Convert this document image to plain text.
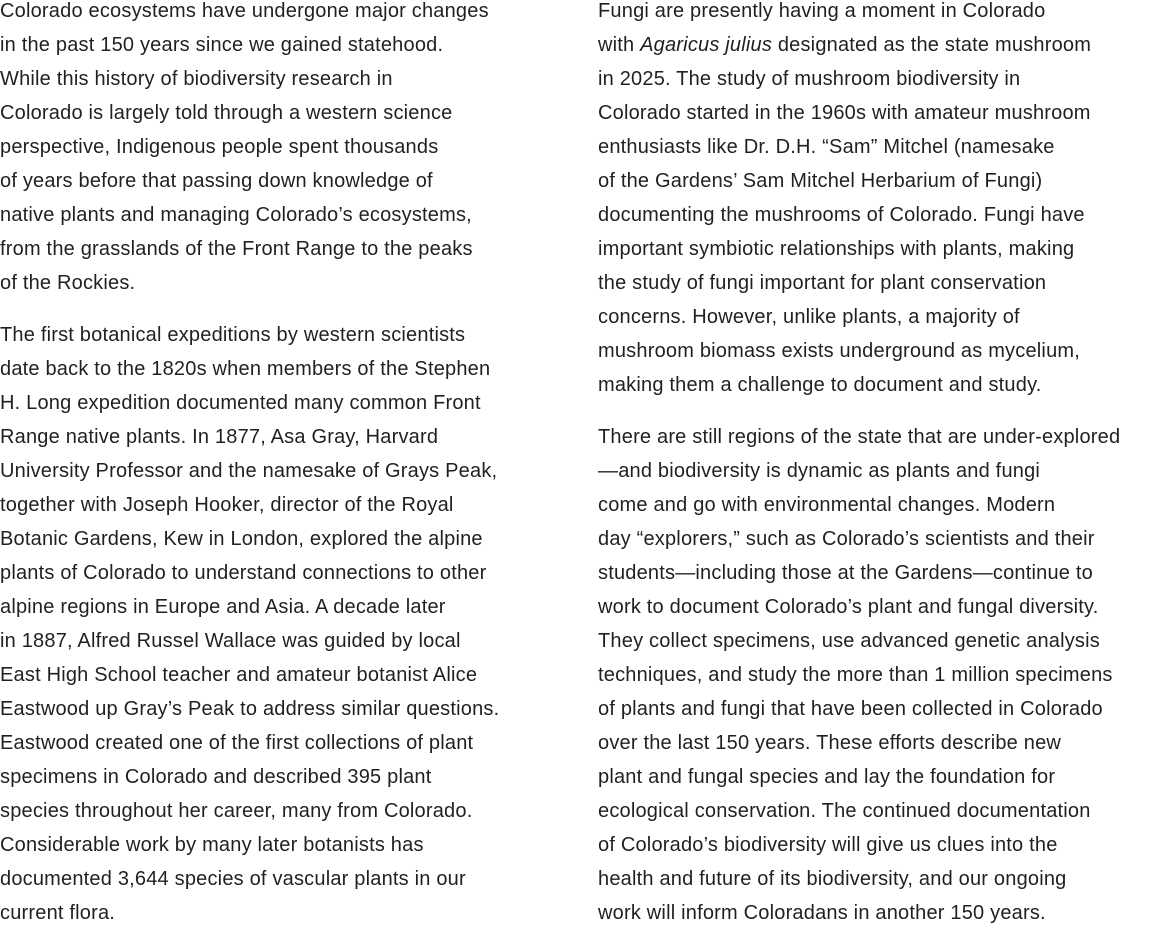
Colorado ecosystems have undergone major changes
in the past 150 years since we gained statehood.
While this history of biodiversity research in
Colorado is largely told through a western science
perspective, Indigenous people spent thousands
of years before that passing down knowledge of
native plants and managing Colorado’s ecosystems,
from the grasslands of the Front Range to the peaks
of the Rockies.

The first botanical expeditions by western scientists
date back to the 1820s when members of the Stephen
H. Long expedition documented many common Front
Range native plants. In 1877, Asa Gray, Harvard
University Professor and the namesake of Grays Peak,
together with Joseph Hooker, director of the Royal
Botanic Gardens, Kew in London, explored the alpine
plants of Colorado to understand connections to other
alpine regions in Europe and Asia. A decade later
in 1887, Alfred Russel Wallace was guided by local
East High School teacher and amateur botanist Alice
Eastwood up Gray’s Peak to address similar questions.
Eastwood created one of the first collections of plant
specimens in Colorado and described 395 plant
species throughout her career, many from Colorado.
Considerable work by many later botanists has
documented 3,644 species of vascular plants in our
current flora.

Fungi are presently having a moment in Colorado
with Agaricus julius designated as the state mushroom
in 2025. The study of mushroom biodiversity in
Colorado started in the 1960s with amateur mushroom
enthusiasts like Dr. D.H. “Sam” Mitchel (namesake
of the Gardens’ Sam Mitchel Herbarium of Fungi)
documenting the mushrooms of Colorado. Fungi have
important symbiotic relationships with plants, making
the study of fungi important for plant conservation
concerns. However, unlike plants, a majority of
mushroom biomass exists underground as mycelium,
making them a challenge to document and study.

There are still regions of the state that are under-explored
—and biodiversity is dynamic as plants and fungi
come and go with environmental changes. Modern
day “explorers,” such as Colorado’s scientists and their
students—including those at the Gardens—continue to
work to document Colorado’s plant and fungal diversity.
They collect specimens, use advanced genetic analysis
techniques, and study the more than 1 million specimens
of plants and fungi that have been collected in Colorado
over the last 150 years. These efforts describe new
plant and fungal species and lay the foundation for
ecological conservation. The continued documentation
of Colorado’s biodiversity will give us clues into the
health and future of its biodiversity, and our ongoing
work will inform Coloradans in another 150 years.
